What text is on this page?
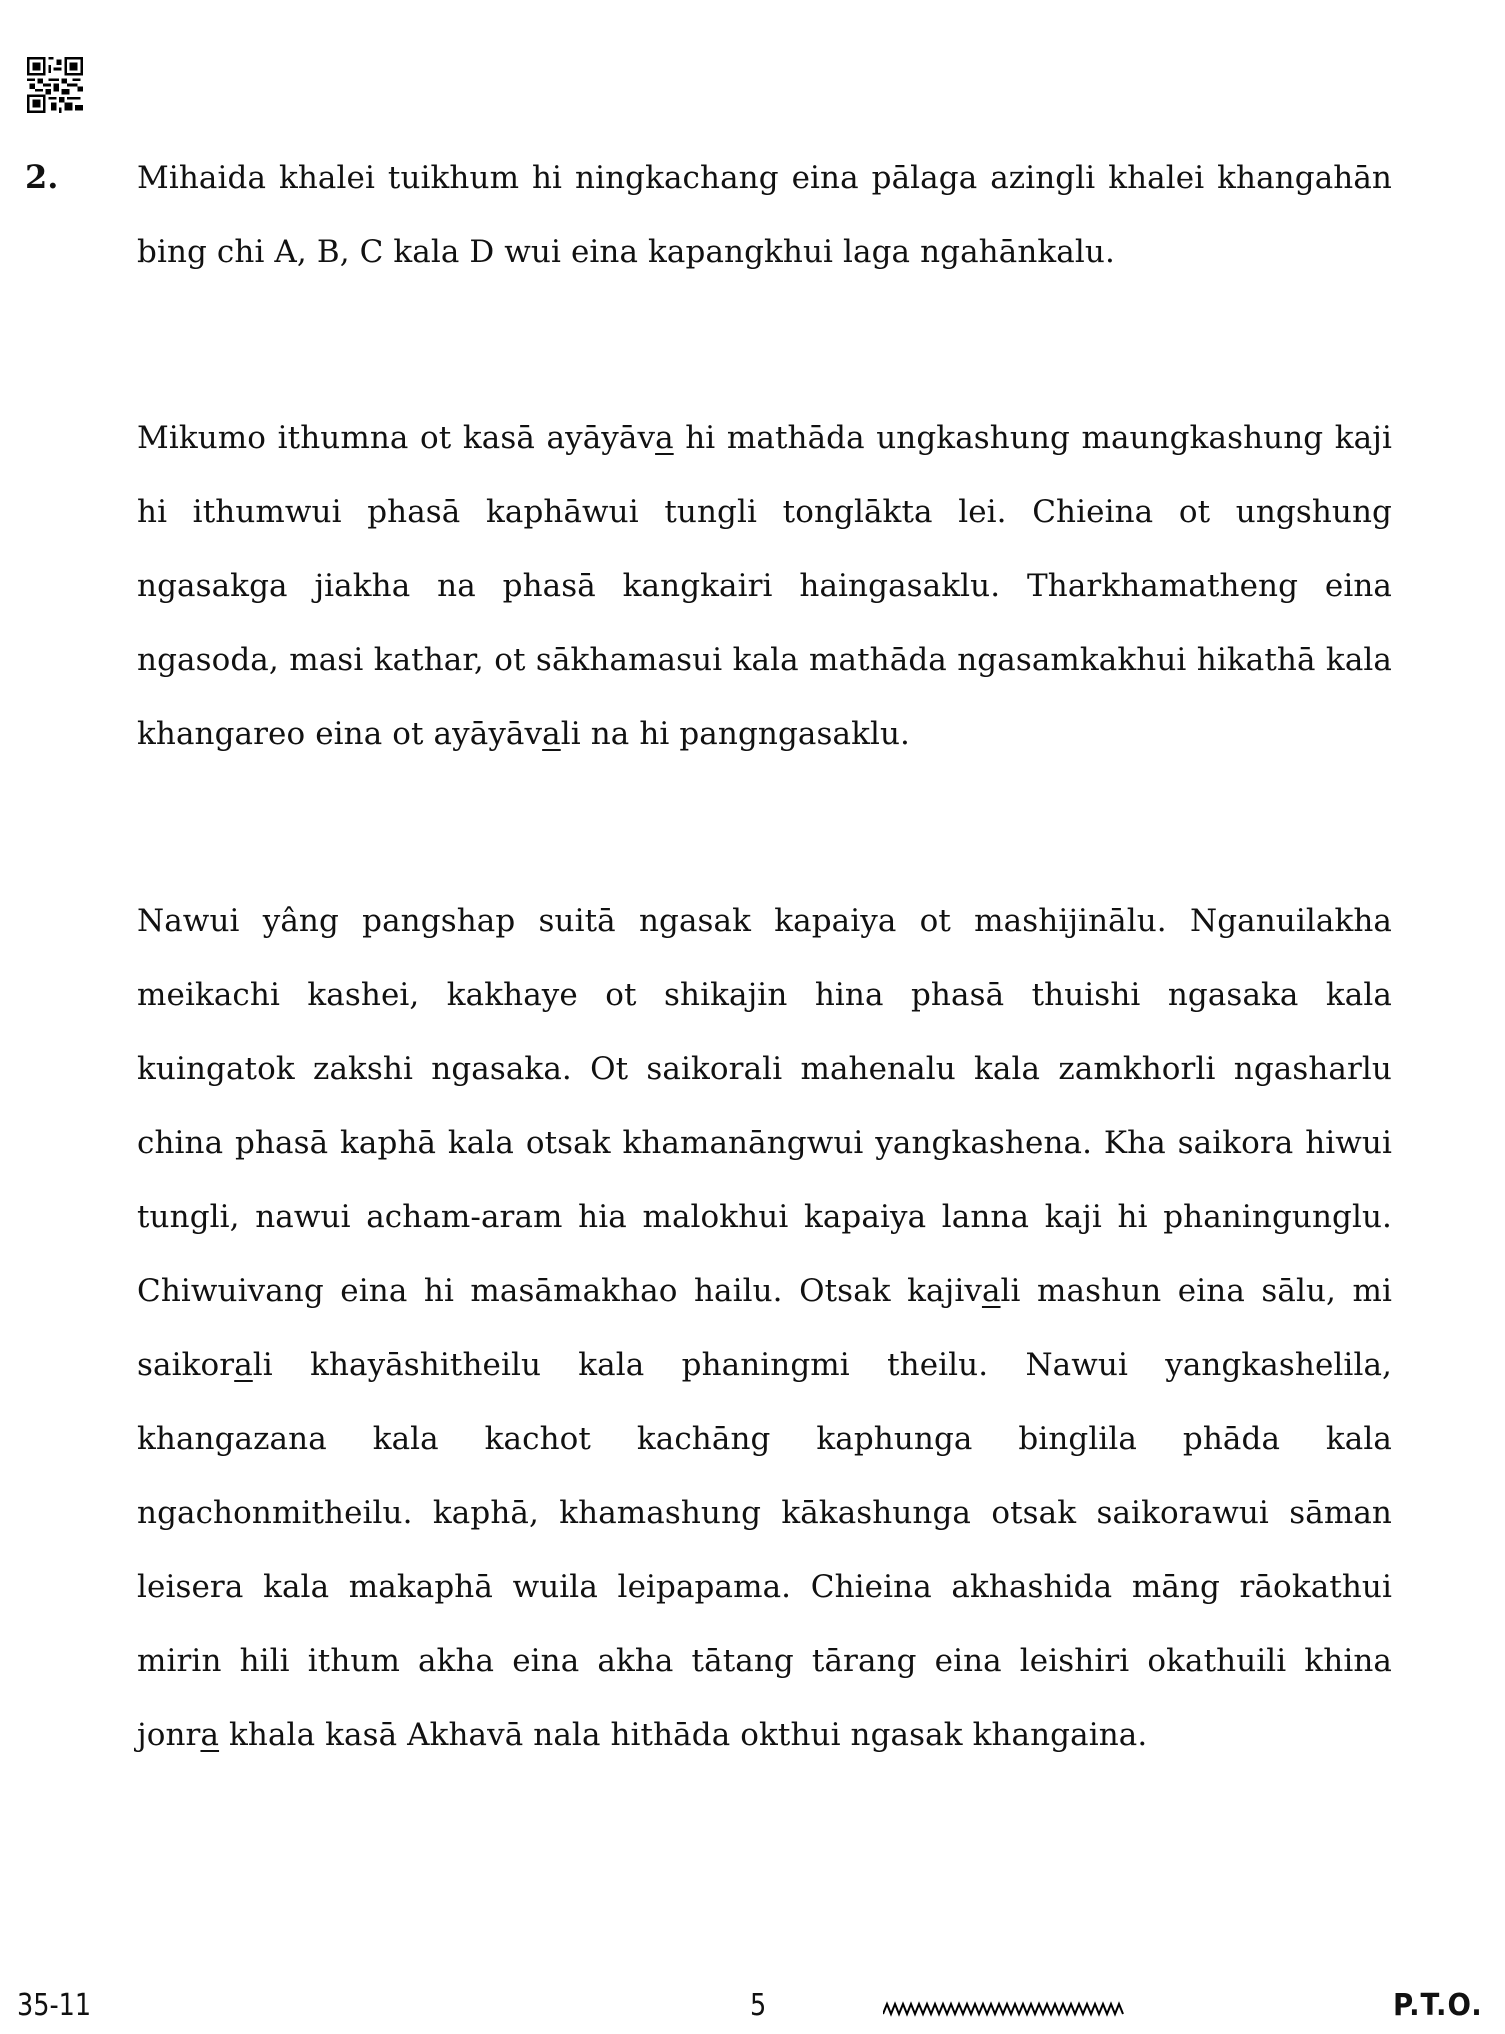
2.	Mihaida khalei tuikhum hi ningkachang eina pālaga azingli khalei khangahān bing chi A, B, C kala D wui eina kapangkhui laga ngahānkalu.

Mikumo ithumna ot kasā ayāyāva hi mathāda ungkashung maungkashung kaji hi ithumwui phasā kaphāwui tungli tonglākta lei. Chieina ot ungshung ngasakga jiakha na phasā kangkairi haingasaklu. Tharkhamatheng eina ngasoda, masi kathar, ot sākhamasui kala mathāda ngasamkakhui hikathā kala khangareo eina ot ayāyāvali na hi pangngasaklu.

Nawui yâng pangshap suitā ngasak kapaiya ot mashijinālu. Nganuilakha meikachi kashei, kakhaye ot shikajin hina phasā thuishi ngasaka kala kuingatok zakshi ngasaka. Ot saikorali mahenalu kala zamkhorli ngasharlu china phasā kaphā kala otsak khamanāngwui yangkashena. Kha saikora hiwui tungli, nawui acham-aram hia malokhui kapaiya lanna kaji hi phaningunglu. Chiwuivang eina hi masāmakhao hailu. Otsak kajivali mashun eina sālu, mi saikorali khayāshitheilu kala phaningmi theilu. Nawui yangkashelila, khangazana kala kachot kachāng kaphunga binglila phāda kala ngachonmitheilu. kaphā, khamashung kākashunga otsak saikorawui sāman leisera kala makaphā wuila leipapama. Chieina akhashida māng rāokathui mirin hili ithum akha eina akha tātang tārang eina leishiri okathuili khina jonra khala kasā Akhavā nala hithāda okthui ngasak khangaina.

35-11	5	P.T.O.
